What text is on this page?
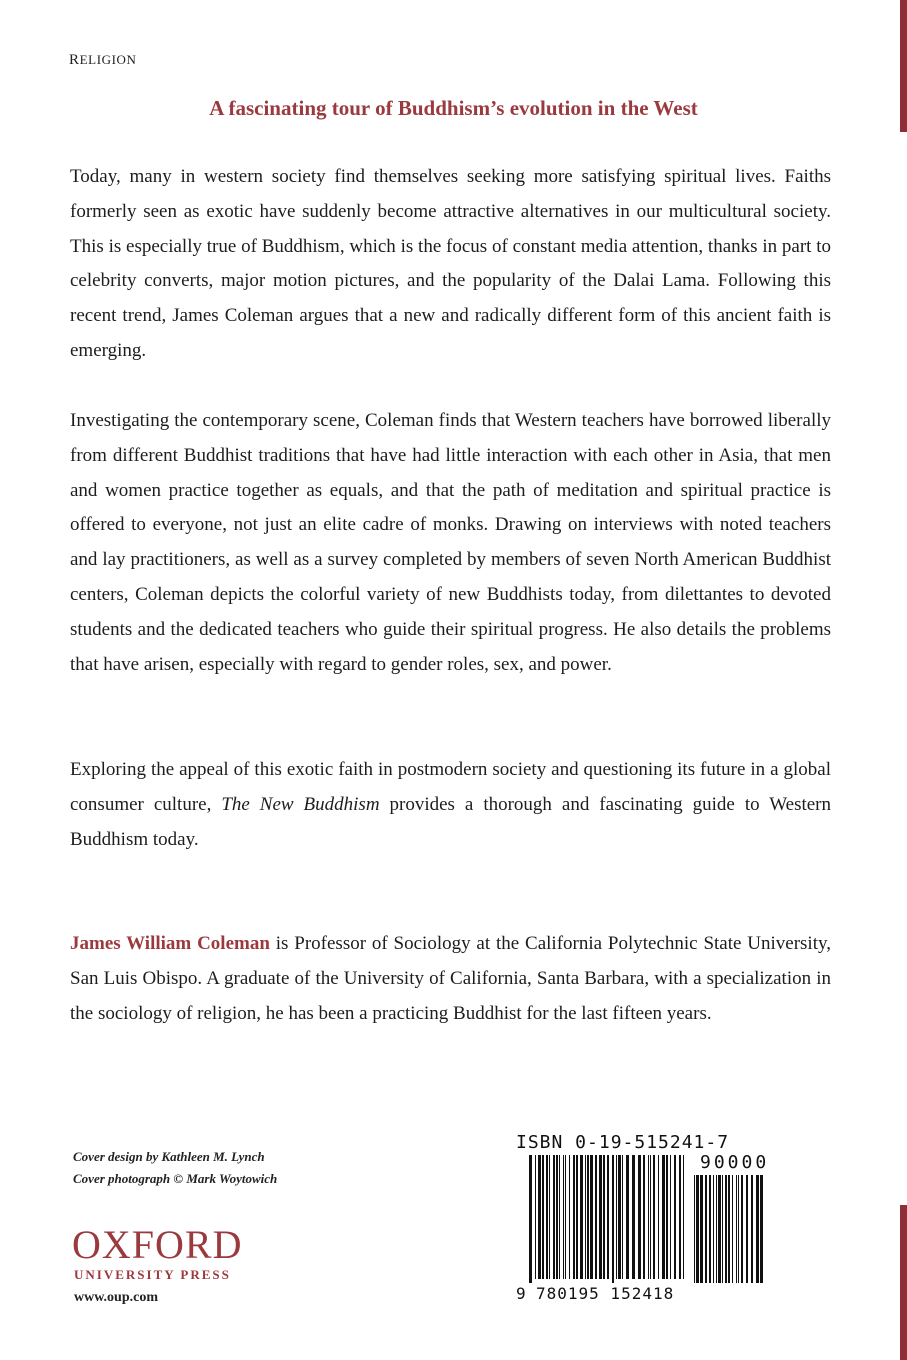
RELIGION
A fascinating tour of Buddhism’s evolution in the West

Today, many in western society find themselves seeking more satisfying spiritual lives. Faiths formerly seen as exotic have suddenly become attractive alternatives in our multicultural society. This is especially true of Buddhism, which is the focus of constant media attention, thanks in part to celebrity converts, major motion pictures, and the popularity of the Dalai Lama. Following this recent trend, James Coleman argues that a new and radically different form of this ancient faith is emerging.

Investigating the contemporary scene, Coleman finds that Western teachers have borrowed liberally from different Buddhist traditions that have had little interaction with each other in Asia, that men and women practice together as equals, and that the path of meditation and spiritual practice is offered to everyone, not just an elite cadre of monks. Drawing on interviews with noted teachers and lay practitioners, as well as a survey completed by members of seven North American Buddhist centers, Coleman depicts the colorful variety of new Buddhists today, from dilettantes to devoted students and the dedicated teachers who guide their spiritual progress. He also details the problems that have arisen, especially with regard to gender roles, sex, and power.

Exploring the appeal of this exotic faith in postmodern society and questioning its future in a global consumer culture, The New Buddhism provides a thorough and fascinating guide to Western Buddhism today.

James William Coleman is Professor of Sociology at the California Polytechnic State University, San Luis Obispo. A graduate of the University of California, Santa Barbara, with a specialization in the sociology of religion, he has been a practicing Buddhist for the last fifteen years.

Cover design by Kathleen M. Lynch
Cover photograph © Mark Woytowich
OXFORD
UNIVERSITY PRESS
www.oup.com
ISBN 0-19-515241-7
90000
9 780195 152418
